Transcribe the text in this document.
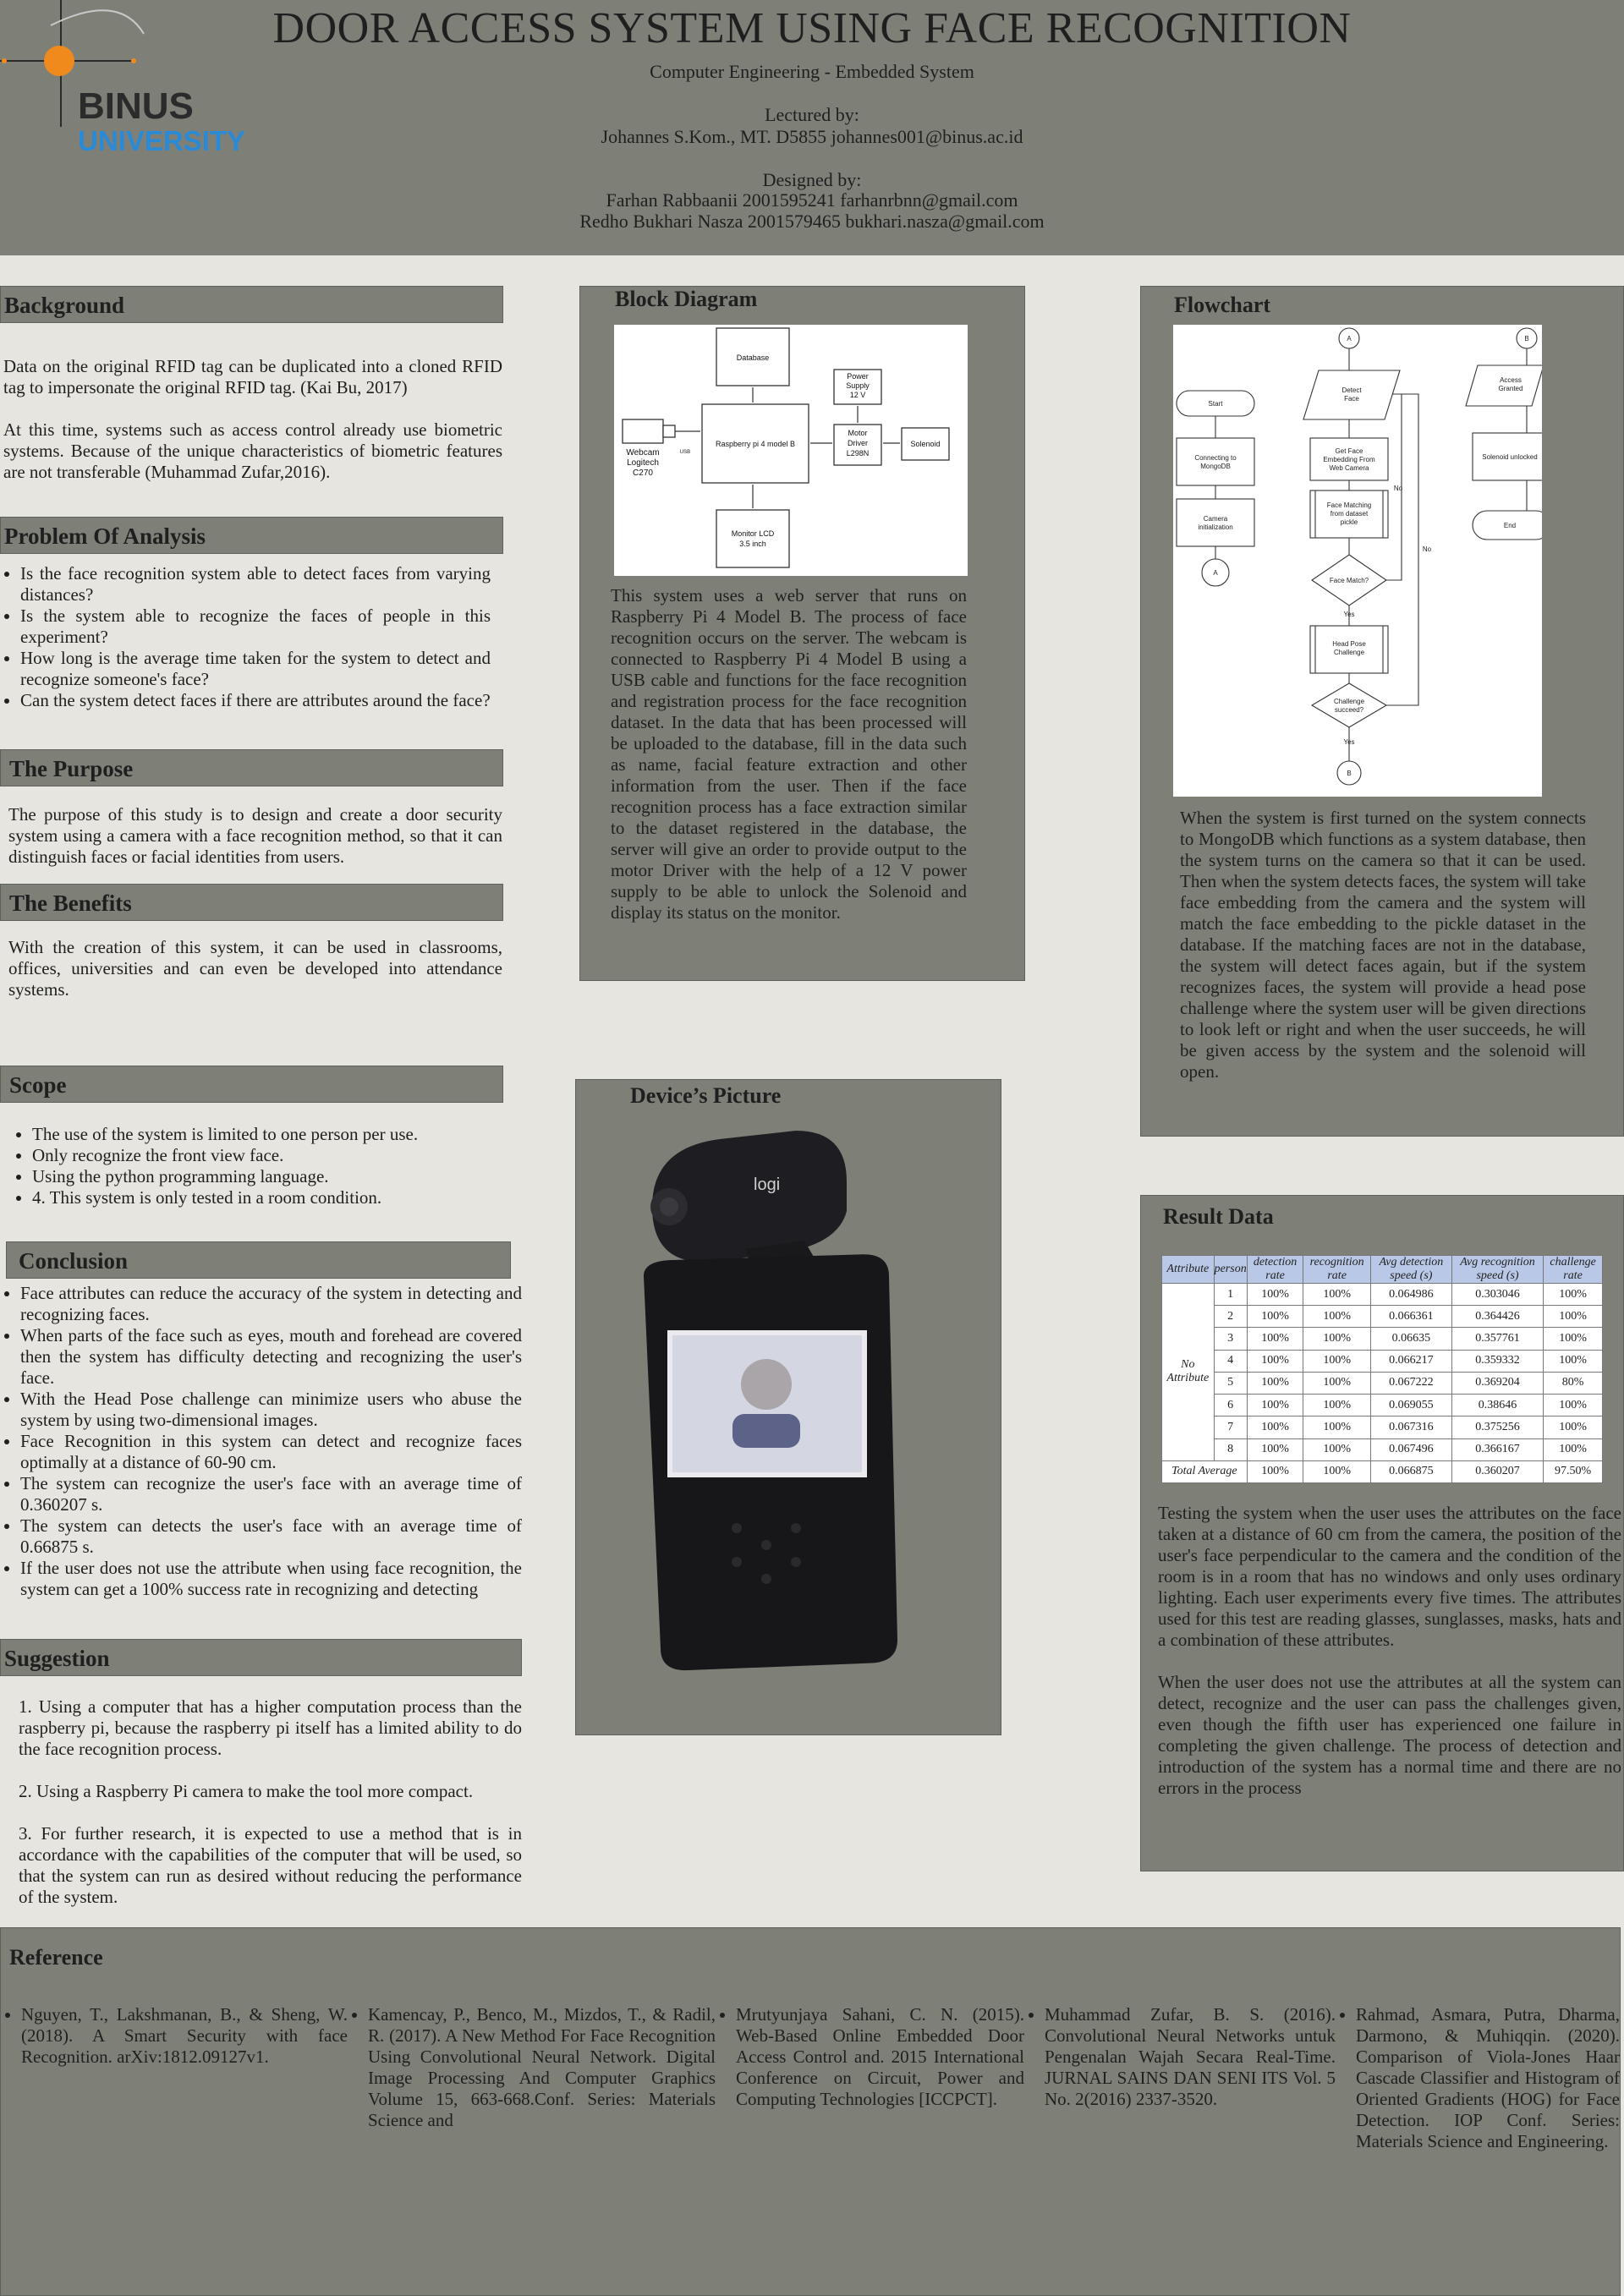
BINUS
UNIVERSITY
DOOR ACCESS SYSTEM USING FACE RECOGNITION
Computer Engineering - Embedded System
Lectured by:
Johannes S.Kom., MT. D5855 johannes001@binus.ac.id
Designed by:
Farhan Rabbaanii 2001595241 farhanrbnn@gmail.com
Redho Bukhari Nasza 2001579465 bukhari.nasza@gmail.com
Background

Data on the original RFID tag can be duplicated into a cloned RFID tag to impersonate the original RFID tag. (Kai Bu, 2017)

At this time, systems such as access control already use biometric systems. Because of the unique characteristics of biometric features are not transferable (Muhammad Zufar,2016).

Problem Of Analysis
• Is the face recognition system able to detect faces from varying distances?
• Is the system able to recognize the faces of people in this experiment?
• How long is the average time taken for the system to detect and recognize someone's face?
• Can the system detect faces if there are attributes around the face?
The Purpose
The purpose of this study is to design and create a door security system using a camera with a face recognition method, so that it can distinguish faces or facial identities from users.
The Benefits
With the creation of this system, it can be used in classrooms, offices, universities and can even be developed into attendance systems.
Scope
• The use of the system is limited to one person per use.
• Only recognize the front view face.
• Using the python programming language.
• 4. This system is only tested in a room condition.
Conclusion
• Face attributes can reduce the accuracy of the system in detecting and recognizing faces.
• When parts of the face such as eyes, mouth and forehead are covered then the system has difficulty detecting and recognizing the user's face.
• With the Head Pose challenge can minimize users who abuse the system by using two-dimensional images.
• Face Recognition in this system can detect and recognize faces optimally at a distance of 60-90 cm.
• The system can recognize the user's face with an average time of 0.360207 s.
• The system can detects the user's face with an average time of 0.66875 s.
• If the user does not use the attribute when using face recognition, the system can get a 100% success rate in recognizing and detecting
Suggestion

1. Using a computer that has a higher computation process than the raspberry pi, because the raspberry pi itself has a limited ability to do the face recognition process.

2. Using a Raspberry Pi camera to make the tool more compact.

3. For further research, it is expected to use a method that is in accordance with the capabilities of the computer that will be used, so that the system can run as desired without reducing the performance of the system.

Block Diagram
Database
Raspberry pi 4 model B
Power
Supply
12 V
Motor
Driver
L298N
Solenoid
Webcam
Logitech
C270
USB
Monitor LCD
3.5 inch
This system uses a web server that runs on Raspberry Pi 4 Model B. The process of face recognition occurs on the server. The webcam is connected to Raspberry Pi 4 Model B using a USB cable and functions for the face recognition and registration process for the face recognition dataset. In the data that has been processed will be uploaded to the database, fill in the data such as name, facial feature extraction and other information from the user. Then if the face recognition process has a face extraction similar to the dataset registered in the database, the server will give an order to provide output to the motor Driver with the help of a 12 V power supply to be able to unlock the Solenoid and display its status on the monitor.
Device’s Picture
logi
Flowchart
A	B
Start
Connecting to
MongoDB
Camera
initialization
A
Detect
Face
Get Face
Embedding From
Web Camera
Face Matching
from dataset
pickle
Face Match?
Yes
No
No
Head Pose
Challenge
Challenge
succeed?
Yes
B
Access
Granted
Solenoid unlocked
End
When the system is first turned on the system connects to MongoDB which functions as a system database, then the system turns on the camera so that it can be used. Then when the system detects faces, the system will take face embedding from the camera and the system will match the face embedding to the pickle dataset in the database. If the matching faces are not in the database, the system will detect faces again, but if the system recognizes faces, the system will provide a head pose challenge where the system user will be given directions to look left or right and when the user succeeds, he will be given access by the system and the solenoid will open.
Result Data
Attribute	person	detection rate	recognition rate	Avg detection speed (s)	Avg recognition speed (s)	challenge rate
No Attribute	1	100%	100%	0.064986	0.303046	100%
	2	100%	100%	0.066361	0.364426	100%
	3	100%	100%	0.06635	0.357761	100%
	4	100%	100%	0.066217	0.359332	100%
	5	100%	100%	0.067222	0.369204	80%
	6	100%	100%	0.069055	0.38646	100%
	7	100%	100%	0.067316	0.375256	100%
	8	100%	100%	0.067496	0.366167	100%
Total Average		100%	100%	0.066875	0.360207	97.50%

Testing the system when the user uses the attributes on the face taken at a distance of 60 cm from the camera, the position of the user's face perpendicular to the camera and the condition of the room is in a room that has no windows and only uses ordinary lighting. Each user experiments every five times. The attributes used for this test are reading glasses, sunglasses, masks, hats and a combination of these attributes.

When the user does not use the attributes at all the system can detect, recognize and the user can pass the challenges given, even though the fifth user has experienced one failure in completing the given challenge. The process of detection and introduction of the system has a normal time and there are no errors in the process

Reference
• Nguyen, T., Lakshmanan, B., & Sheng, W. (2018). A Smart Security with face Recognition. arXiv:1812.09127v1.
• Kamencay, P., Benco, M., Mizdos, T., & Radil, R. (2017). A New Method For Face Recognition Using Convolutional Neural Network. Digital Image Processing And Computer Graphics Volume 15, 663-668.Conf. Series: Materials Science and
• Mrutyunjaya Sahani, C. N. (2015). Web-Based Online Embedded Door Access Control and. 2015 International Conference on Circuit, Power and Computing Technologies [ICCPCT].
• Muhammad Zufar, B. S. (2016). Convolutional Neural Networks untuk Pengenalan Wajah Secara Real-Time. JURNAL SAINS DAN SENI ITS Vol. 5 No. 2(2016) 2337-3520.
• Rahmad, Asmara, Putra, Dharma, Darmono, & Muhiqqin. (2020). Comparison of Viola-Jones Haar Cascade Classifier and Histogram of Oriented Gradients (HOG) for Face Detection. IOP Conf. Series: Materials Science and Engineering.
